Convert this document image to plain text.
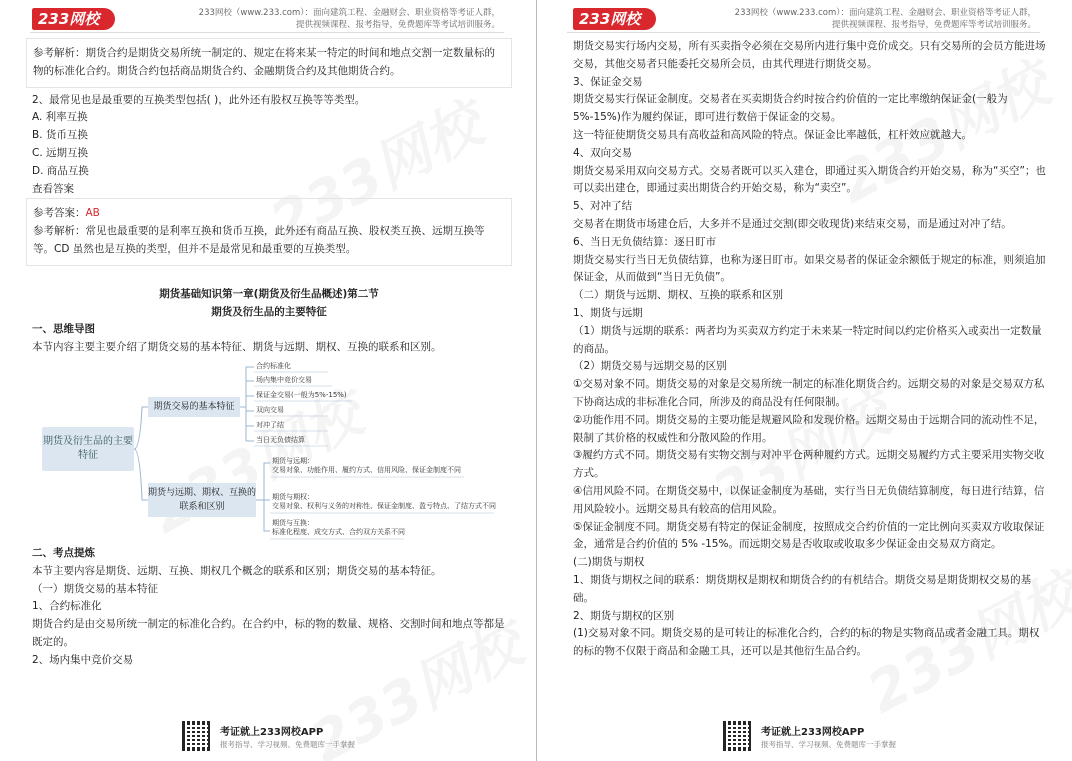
233网校	233网校（www.233.com）：面向建筑工程、金融财会、职业资格等考证人群，
提供视频课程、报考指导，免费题库等考试培训服务。

参考解析：期货合约是期货交易所统一制定的、规定在将来某一特定的时间和地点交割一定数量标的物的标准化合约。期货合约包括商品期货合约、金融期货合约及其他期货合约。

2、最常见也是最重要的互换类型包括( )，此外还有股权互换等等类型。

A. 利率互换

B. 货币互换

C. 远期互换

D. 商品互换

查看答案

参考答案：AB

参考解析：常见也最重要的是利率互换和货币互换，此外还有商品互换、股权类互换、远期互换等等。CD 虽然也是互换的类型，但并不是最常见和最重要的互换类型。

期货基础知识第一章(期货及衍生品概述)第二节

期货及衍生品的主要特征

一、思维导图

本节内容主要主要介绍了期货交易的基本特征、期货与远期、期权、互换的联系和区别。

期货及衍生品的主要特征
期货交易的基本特征
期货与远期、期权、互换的联系和区别
合约标准化
场内集中竞价交易
保证金交易(一般为5%-15%)
双向交易
对冲了结
当日无负债结算
期货与远期：
交易对象、功能作用、履约方式、信用风险、保证金制度不同
期货与期权：
交易对象、权利与义务的对称性、保证金制度、盈亏特点、了结方式不同
期货与互换：
标准化程度、成交方式、合约双方关系不同

二、考点提炼

本节主要内容是期货、远期、互换、期权几个概念的联系和区别；期货交易的基本特征。

（一）期货交易的基本特征

1、合约标准化

期货合约是由交易所统一制定的标准化合约。在合约中，标的物的数量、规格、交割时间和地点等都是既定的。

2、场内集中竞价交易

考证就上233网校APP
报考指导、学习视频、免费题库一手掌握
233网校	233网校（www.233.com）：面向建筑工程、金融财会、职业资格等考证人群，
提供视频课程、报考指导，免费题库等考试培训服务。

期货交易实行场内交易，所有买卖指令必须在交易所内进行集中竞价成交。只有交易所的会员方能进场交易，其他交易者只能委托交易所会员，由其代理进行期货交易。

3、保证金交易

期货交易实行保证金制度。交易者在买卖期货合约时按合约价值的一定比率缴纳保证金(一般为 5%-15%)作为履约保证，即可进行数倍于保证金的交易。

这一特征使期货交易具有高收益和高风险的特点。保证金比率越低，杠杆效应就越大。

4、双向交易

期货交易采用双向交易方式。交易者既可以买入建仓，即通过买入期货合约开始交易，称为“买空”；也可以卖出建仓，即通过卖出期货合约开始交易，称为“卖空”。

5、对冲了结

交易者在期货市场建仓后，大多并不是通过交割(即交收现货)来结束交易，而是通过对冲了结。

6、当日无负债结算：逐日盯市

期货交易实行当日无负债结算，也称为逐日盯市。如果交易者的保证金余额低于规定的标准，则须追加保证金，从而做到“当日无负债”。

（二）期货与远期、期权、互换的联系和区别

1、期货与远期

（1）期货与远期的联系：两者均为买卖双方约定于未来某一特定时间以约定价格买入或卖出一定数量的商品。

（2）期货交易与远期交易的区别

①交易对象不同。期货交易的对象是交易所统一制定的标准化期货合约。远期交易的对象是交易双方私下协商达成的非标准化合同，所涉及的商品没有任何限制。

②功能作用不同。期货交易的主要功能是规避风险和发现价格。远期交易由于远期合同的流动性不足，限制了其价格的权威性和分散风险的作用。

③履约方式不同。期货交易有实物交割与对冲平仓两种履约方式。远期交易履约方式主要采用实物交收方式。

④信用风险不同。在期货交易中，以保证金制度为基础，实行当日无负债结算制度，每日进行结算，信用风险较小。远期交易具有较高的信用风险。

⑤保证金制度不同。期货交易有特定的保证金制度，按照成交合约价值的一定比例向买卖双方收取保证金，通常是合约价值的 5% -15%。而远期交易是否收取或收取多少保证金由交易双方商定。

(二)期货与期权

1、期货与期权之间的联系：期货期权是期权和期货合约的有机结合。期货交易是期货期权交易的基础。

2、期货与期权的区别

(1)交易对象不同。期货交易的是可转让的标准化合约，合约的标的物是实物商品或者金融工具。期权的标的物不仅限于商品和金融工具，还可以是其他衍生品合约。

考证就上233网校APP
报考指导、学习视频、免费题库一手掌握
